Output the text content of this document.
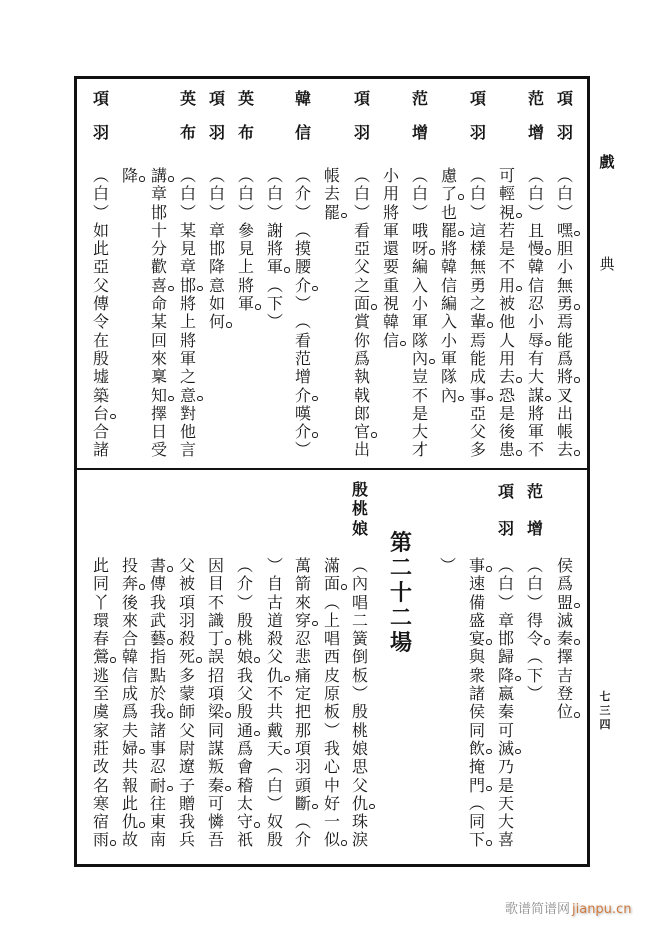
戲
典
七
三
四
項
羽
︵
白
︶
嘿
胆
小
無
勇
焉
能
爲
將
叉
出
帳
去
范
增
︵
白
︶
且
慢
韓
信
忍
小
辱
有
大
謀
將
軍
不
可
輕
視
若
是
不
用
被
他
人
用
去
恐
是
後
患
項
羽
︵
白
︶
這
樣
無
勇
之
輩
焉
能
成
事
亞
父
多
慮
了
也
罷
將
韓
信
編
入
小
軍
隊
內
范
增
︵
白
︶
哦
呀
編
入
小
軍
隊
內
豈
不
是
大
才
小
用
將
軍
還
要
重
視
韓
信
項
羽
︵
白
︶
看
亞
父
之
面
賞
你
爲
執
戟
郎
官
出
帳
去
罷
韓
信
︵
介
︶
︵
摸
腰
介
︶
︵
看
范
增
介
嘆
介
︶
︵
白
︶
謝
將
軍
︵
下
︶
英
布
︵
白
︶
參
見
上
將
軍
項
羽
︵
白
︶
章
邯
降
意
如
何
英
布
︵
白
︶
某
見
章
邯
將
上
將
軍
之
意
對
他
言
講
章
邯
十
分
歡
喜
命
某
回
來
稟
知
擇
日
受
降
項
羽
︵
白
︶
如
此
亞
父
傳
令
在
殷
墟
築
台
合
諸
侯
爲
盟
滅
秦
擇
吉
登
位
范
增
︵
白
︶
得
令
︵
下
︶
項
羽
︵
白
︶
章
邯
歸
降
嬴
秦
可
滅
乃
是
天
大
喜
事
速
備
盛
宴
與
衆
諸
侯
同
飲
掩
門
︵
同
下
︶
第
二
十
二
場
殷
桃
娘
︵
內
唱
二
簧
倒
板
︶
殷
桃
娘
思
父
仇
珠
淚
滿
面
︵
上
唱
西
皮
原
板
︶
我
心
中
好
一
似
萬
箭
來
穿
忍
悲
痛
定
把
那
項
羽
頭
斷
︵
介
︶
自
古
道
殺
父
仇
不
共
戴
天
︵
白
︶
奴
殷
︵
介
︶
殷
桃
娘
我
父
殷
通
爲
會
稽
太
守
祇
因
目
不
識
丁
誤
招
項
梁
同
謀
叛
秦
可
憐
吾
父
被
項
羽
殺
死
多
蒙
師
父
尉
遼
子
贈
我
兵
書
傳
我
武
藝
指
點
於
我
諸
事
忍
耐
往
東
南
投
奔
後
來
合
韓
信
成
爲
夫
婦
共
報
此
仇
故
此
同
丫
環
春
鶯
逃
至
虞
家
莊
改
名
寒
宿
雨
歌谱简谱网 jianpu.cn
